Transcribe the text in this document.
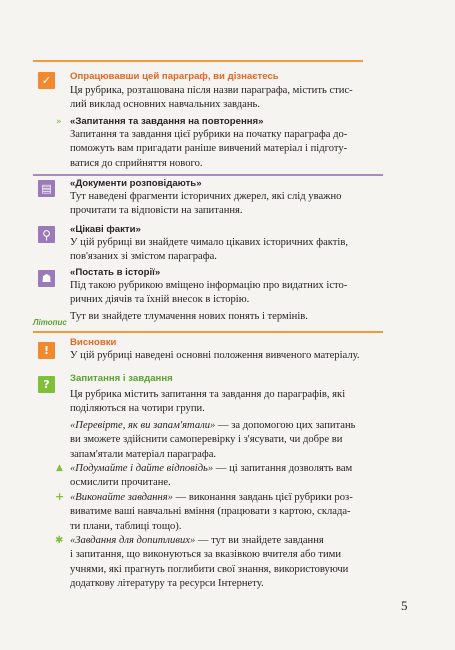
✓	Опрацювавши цей параграф, ви дізнаєтесь
Ця рубрика, розташована після назви параграфа, містить стис-
лий виклад основних навчальних завдань.
» «Запитання та завдання на повторення»
Запитання та завдання цієї рубрики на початку параграфа до-
поможуть вам пригадати раніше вивчений матеріал і підготу-
ватися до сприйняття нового.
▤	«Документи розповідають»
Тут наведені фрагменти історичних джерел, які слід уважно
прочитати та відповісти на запитання.
⚲	«Цікаві факти»
У цій рубриці ви знайдете чимало цікавих історичних фактів,
пов'язаних зі змістом параграфа.
☗	«Постать в історії»
Під такою рубрикою вміщено інформацію про видатних істо-
ричних діячів та їхній внесок в історію.
Літопис
Тут ви знайдете тлумачення нових понять і термінів.
!
Висновки
У цій рубриці наведені основні положення вивченого матеріалу.
?	Запитання і завдання
Ця рубрика містить запитання та завдання до параграфів, які
поділяються на чотири групи.
«Перевірте, як ви запам'ятали» — за допомогою цих запитань
ви зможете здійснити самоперевірку і з'ясувати, чи добре ви
запам'ятали матеріал параграфа.
▲ «Подумайте і дайте відповідь» — ці запитання дозволять вам
осмислити прочитане.
+ «Виконайте завдання» — виконання завдань цієї рубрики роз-
виватиме ваші навчальні вміння (працювати з картою, склада-
ти плани, таблиці тощо).
✱ «Завдання для допитливих» — тут ви знайдете завдання
і запитання, що виконуються за вказівкою вчителя або тими
учнями, які прагнуть поглибити свої знання, використовуючи
додаткову літературу та ресурси Інтернету.
5
